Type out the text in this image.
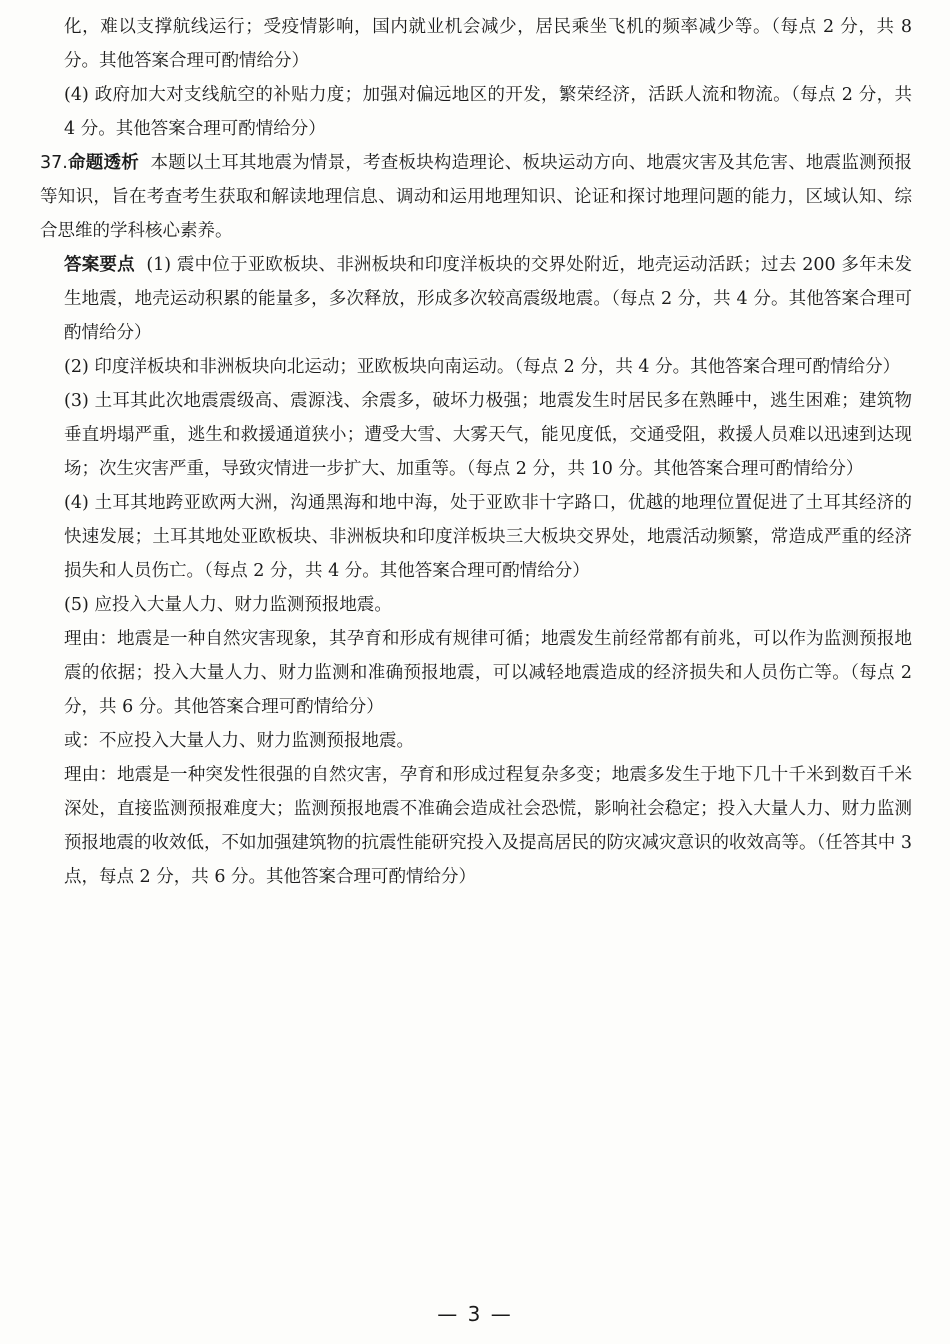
化，难以支撑航线运行；受疫情影响，国内就业机会减少，居民乘坐飞机的频率减少等。（每点 2 分，共 8 分。其他答案合理可酌情给分）

(4) 政府加大对支线航空的补贴力度；加强对偏远地区的开发，繁荣经济，活跃人流和物流。（每点 2 分，共 4 分。其他答案合理可酌情给分）

37.命题透析 本题以土耳其地震为情景，考查板块构造理论、板块运动方向、地震灾害及其危害、地震监测预报等知识，旨在考查考生获取和解读地理信息、调动和运用地理知识、论证和探讨地理问题的能力，区域认知、综合思维的学科核心素养。

答案要点 (1) 震中位于亚欧板块、非洲板块和印度洋板块的交界处附近，地壳运动活跃；过去 200 多年未发生地震，地壳运动积累的能量多，多次释放，形成多次较高震级地震。（每点 2 分，共 4 分。其他答案合理可酌情给分）

(2) 印度洋板块和非洲板块向北运动；亚欧板块向南运动。（每点 2 分，共 4 分。其他答案合理可酌情给分）

(3) 土耳其此次地震震级高、震源浅、余震多，破坏力极强；地震发生时居民多在熟睡中，逃生困难；建筑物垂直坍塌严重，逃生和救援通道狭小；遭受大雪、大雾天气，能见度低，交通受阻，救援人员难以迅速到达现场；次生灾害严重，导致灾情进一步扩大、加重等。（每点 2 分，共 10 分。其他答案合理可酌情给分）

(4) 土耳其地跨亚欧两大洲，沟通黑海和地中海，处于亚欧非十字路口，优越的地理位置促进了土耳其经济的快速发展；土耳其地处亚欧板块、非洲板块和印度洋板块三大板块交界处，地震活动频繁，常造成严重的经济损失和人员伤亡。（每点 2 分，共 4 分。其他答案合理可酌情给分）

(5) 应投入大量人力、财力监测预报地震。

理由：地震是一种自然灾害现象，其孕育和形成有规律可循；地震发生前经常都有前兆，可以作为监测预报地震的依据；投入大量人力、财力监测和准确预报地震，可以减轻地震造成的经济损失和人员伤亡等。（每点 2 分，共 6 分。其他答案合理可酌情给分）

或：不应投入大量人力、财力监测预报地震。

理由：地震是一种突发性很强的自然灾害，孕育和形成过程复杂多变；地震多发生于地下几十千米到数百千米深处，直接监测预报难度大；监测预报地震不准确会造成社会恐慌，影响社会稳定；投入大量人力、财力监测预报地震的收效低，不如加强建筑物的抗震性能研究投入及提高居民的防灾减灾意识的收效高等。（任答其中 3 点，每点 2 分，共 6 分。其他答案合理可酌情给分）

— 3 —
